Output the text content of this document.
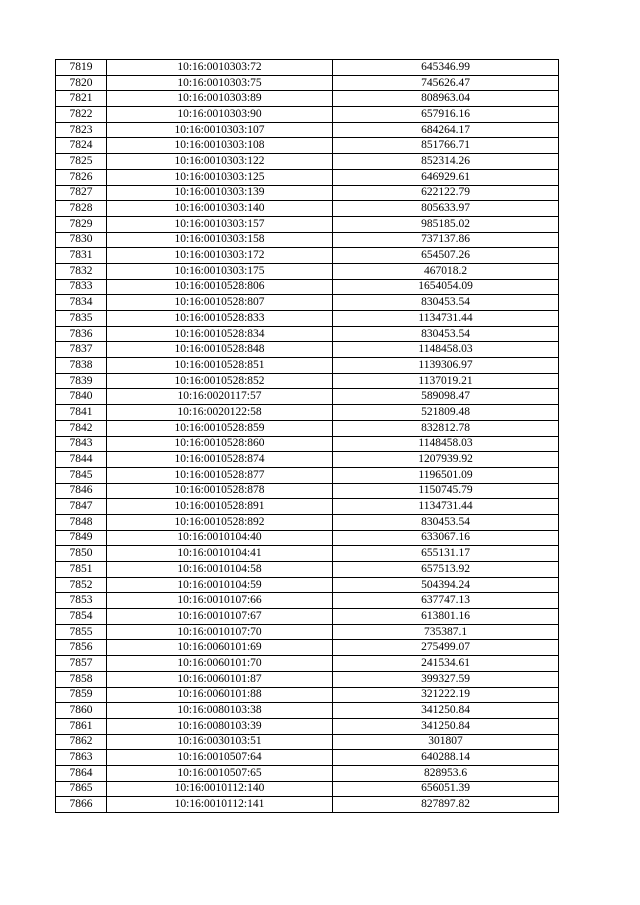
7819	10:16:0010303:72	645346.99
7820	10:16:0010303:75	745626.47
7821	10:16:0010303:89	808963.04
7822	10:16:0010303:90	657916.16
7823	10:16:0010303:107	684264.17
7824	10:16:0010303:108	851766.71
7825	10:16:0010303:122	852314.26
7826	10:16:0010303:125	646929.61
7827	10:16:0010303:139	622122.79
7828	10:16:0010303:140	805633.97
7829	10:16:0010303:157	985185.02
7830	10:16:0010303:158	737137.86
7831	10:16:0010303:172	654507.26
7832	10:16:0010303:175	467018.2
7833	10:16:0010528:806	1654054.09
7834	10:16:0010528:807	830453.54
7835	10:16:0010528:833	1134731.44
7836	10:16:0010528:834	830453.54
7837	10:16:0010528:848	1148458.03
7838	10:16:0010528:851	1139306.97
7839	10:16:0010528:852	1137019.21
7840	10:16:0020117:57	589098.47
7841	10:16:0020122:58	521809.48
7842	10:16:0010528:859	832812.78
7843	10:16:0010528:860	1148458.03
7844	10:16:0010528:874	1207939.92
7845	10:16:0010528:877	1196501.09
7846	10:16:0010528:878	1150745.79
7847	10:16:0010528:891	1134731.44
7848	10:16:0010528:892	830453.54
7849	10:16:0010104:40	633067.16
7850	10:16:0010104:41	655131.17
7851	10:16:0010104:58	657513.92
7852	10:16:0010104:59	504394.24
7853	10:16:0010107:66	637747.13
7854	10:16:0010107:67	613801.16
7855	10:16:0010107:70	735387.1
7856	10:16:0060101:69	275499.07
7857	10:16:0060101:70	241534.61
7858	10:16:0060101:87	399327.59
7859	10:16:0060101:88	321222.19
7860	10:16:0080103:38	341250.84
7861	10:16:0080103:39	341250.84
7862	10:16:0030103:51	301807
7863	10:16:0010507:64	640288.14
7864	10:16:0010507:65	828953.6
7865	10:16:0010112:140	656051.39
7866	10:16:0010112:141	827897.82
